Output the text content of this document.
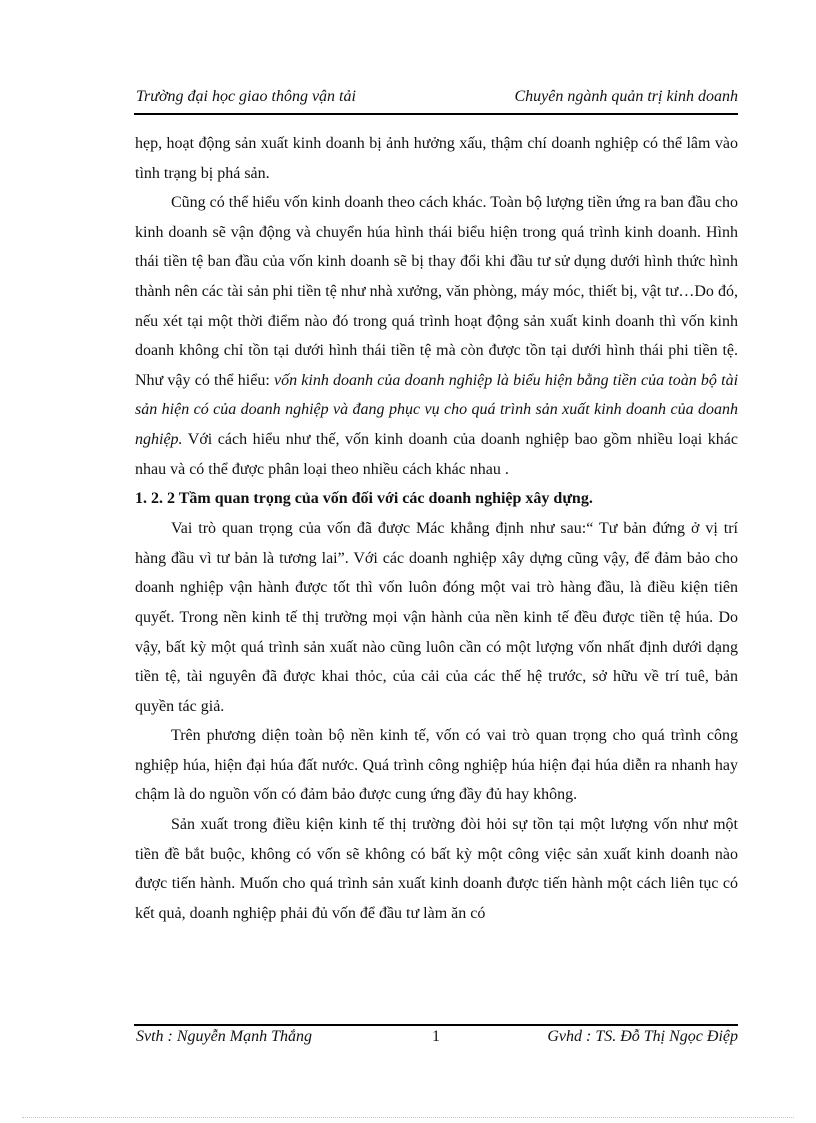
Trường đại học giao thông vận tải	Chuyên ngành quản trị kinh doanh

hẹp, hoạt động sản xuất kinh doanh bị ảnh hưởng xấu, thậm chí doanh nghiệp có thể lâm vào tình trạng bị phá sản.

Cũng có thể hiểu vốn kinh doanh theo cách khác. Toàn bộ lượng tiền ứng ra ban đầu cho kinh doanh sẽ vận động và chuyển húa hình thái biểu hiện trong quá trình kinh doanh. Hình thái tiền tệ ban đầu của vốn kinh doanh sẽ bị thay đổi khi đầu tư sử dụng dưới hình thức hình thành nên các tài sản phi tiền tệ như nhà xưởng, văn phòng, máy móc, thiết bị, vật tư…Do đó, nếu xét tại một thời điểm nào đó trong quá trình hoạt động sản xuất kinh doanh thì vốn kinh doanh không chỉ tồn tại dưới hình thái tiền tệ mà còn được tồn tại dưới hình thái phi tiền tệ. Như vậy có thể hiểu: vốn kinh doanh của doanh nghiệp là biểu hiện bằng tiền của toàn bộ tài sản hiện có của doanh nghiệp và đang phục vụ cho quá trình sản xuất kinh doanh của doanh nghiệp. Với cách hiểu như thế, vốn kinh doanh của doanh nghiệp bao gồm nhiều loại khác nhau và có thể được phân loại theo nhiều cách khác nhau .

1. 2. 2 Tầm quan trọng của vốn đối với các doanh nghiệp xây dựng.

Vai trò quan trọng của vốn đã được Mác khẳng định như sau:“ Tư bản đứng ở vị trí hàng đầu vì tư bản là tương lai”. Với các doanh nghiệp xây dựng cũng vậy, để đảm bảo cho doanh nghiệp vận hành được tốt thì vốn luôn đóng một vai trò hàng đầu, là điều kiện tiên quyết. Trong nền kinh tế thị trường mọi vận hành của nền kinh tế đều được tiền tệ húa. Do vậy, bất kỳ một quá trình sản xuất nào cũng luôn cần có một lượng vốn nhất định dưới dạng tiền tệ, tài nguyên đã được khai thỏc, của cải của các thế hệ trước, sở hữu về trí tuê, bản quyền tác giả.

Trên phương diện toàn bộ nền kinh tế, vốn có vai trò quan trọng cho quá trình công nghiệp húa, hiện đại húa đất nước. Quá trình công nghiệp húa hiện đại húa diễn ra nhanh hay chậm là do nguồn vốn có đảm bảo được cung ứng đầy đủ hay không.

Sản xuất trong điều kiện kinh tế thị trường đòi hỏi sự tồn tại một lượng vốn như một tiền đề bắt buộc, không có vốn sẽ không có bất kỳ một công việc sản xuất kinh doanh nào được tiến hành. Muốn cho quá trình sản xuất kinh doanh được tiến hành một cách liên tục có kết quả, doanh nghiệp phải đủ vốn để đầu tư làm ăn có

Svth : Nguyễn Mạnh Thắng	1	Gvhd : TS. Đỗ Thị Ngọc Điệp
